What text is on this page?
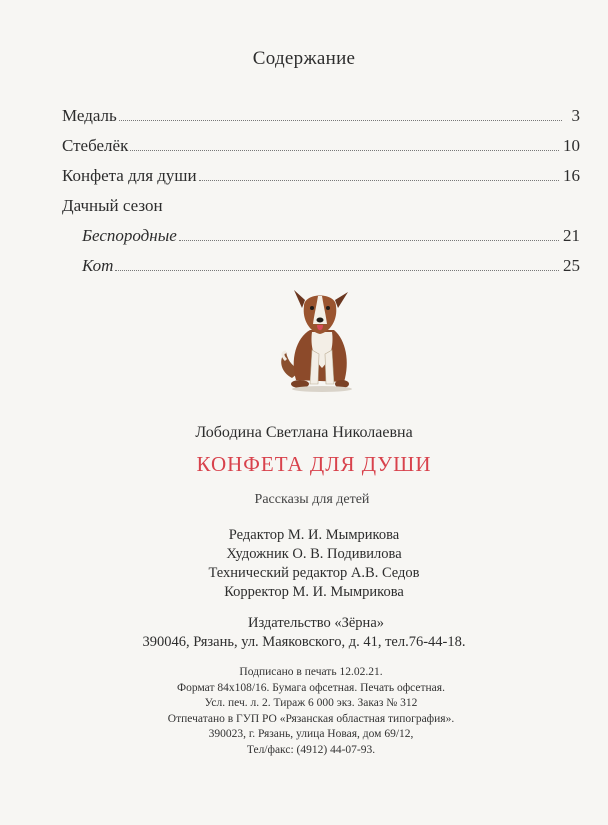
Содержание
Медаль	3
Стебелёк	10
Конфета для души	16
Дачный сезон
Беспородные	21
Кот	25
Лободина Светлана Николаевна
КОНФЕТА ДЛЯ ДУШИ
Рассказы для детей
Редактор М. И. Мымрикова
Художник О. В. Подивилова
Технический редактор А.В. Седов
Корректор М. И. Мымрикова
Издательство «Зёрна»
390046, Рязань, ул. Маяковского, д. 41, тел.76-44-18.
Подписано в печать 12.02.21.
Формат 84x108/16. Бумага офсетная. Печать офсетная.
Усл. печ. л. 2. Тираж 6 000 экз. Заказ № 312
Отпечатано в ГУП РО «Рязанская областная типография».
390023, г. Рязань, улица Новая, дом 69/12,
Тел/факс: (4912) 44-07-93.
